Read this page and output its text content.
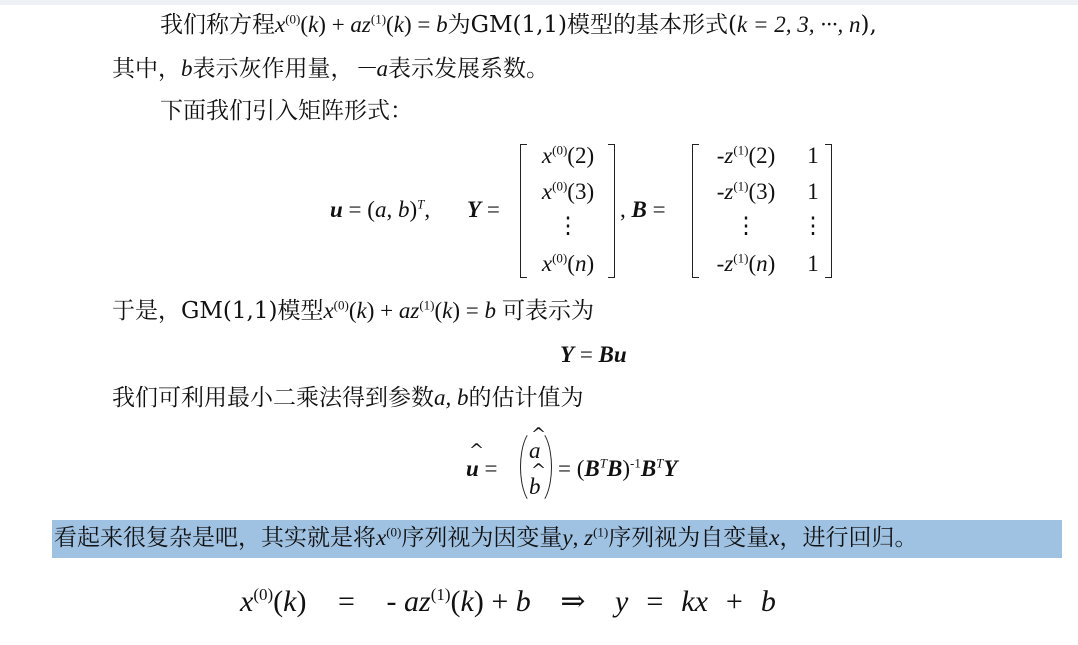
我们称方程$x^{(0)}(k) + az^{(1)}(k) = b$为GM(1,1)模型的基本形式(k = 2, 3, ···, n),
其中，b表示灰作用量，－a表示发展系数。
下面我们引入矩阵形式：
u = (a, b)$^T$, Y =
$x^{(0)}(2)$
$x^{(0)}(3)$
⋮
$x^{(0)}(n)$
, B =
$-z^{(1)}(2)$
$-z^{(1)}(3)$
⋮
$-z^{(1)}(n)$
1
1
⋮
1
于是，GM(1,1)模型$x^{(0)}(k) + az^{(1)}(k) = b$ 可表示为
Y = Bu
我们可利用最小二乘法得到参数a, b的估计值为
^
u =
^
a
^
b
= $(B^TB)^{-1}B^TY$
看起来很复杂是吧，其实就是将$x^{(0)}$序列视为因变量y, $z^{(1)}$序列视为自变量x，进行回归。
$x^{(0)}(k)$ = - $az^{(1)}(k) + b$ ⇒ y = kx + b
